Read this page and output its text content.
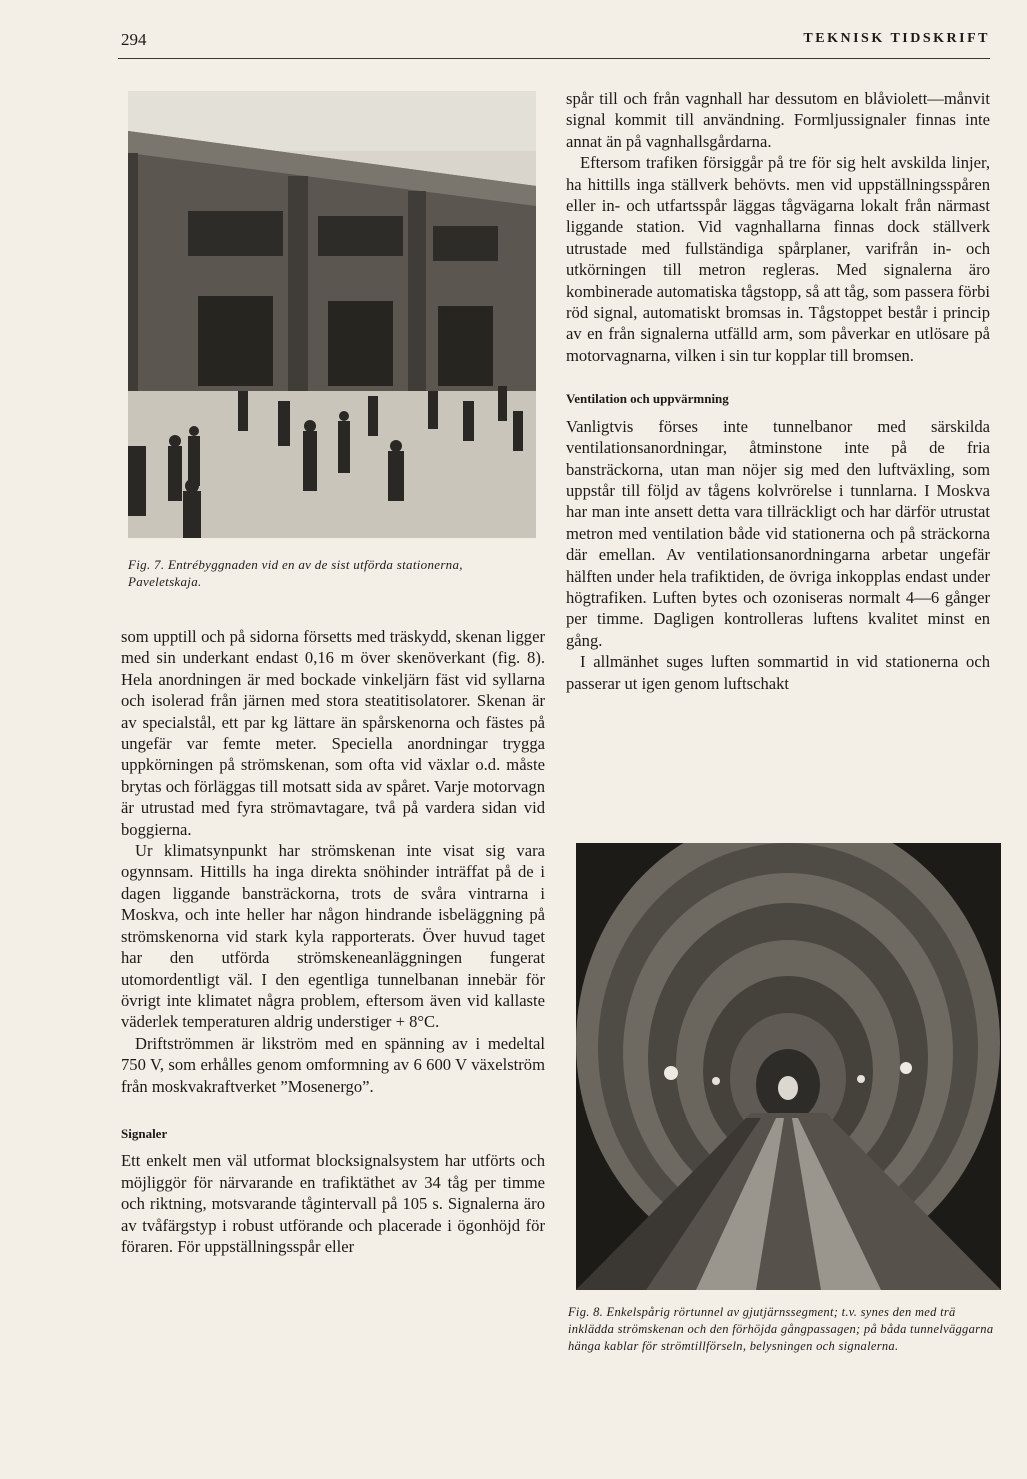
294	TEKNISK TIDSKRIFT
Fig. 7. Entrébyggnaden vid en av de sist utförda stationerna, Paveletskaja.

som upptill och på sidorna försetts med träskydd, skenan ligger med sin underkant endast 0,16 m över skenöverkant (fig. 8). Hela anordningen är med bockade vinkeljärn fäst vid syllarna och isolerad från järnen med stora steatitisolatorer. Skenan är av specialstål, ett par kg lättare än spårskenorna och fästes på ungefär var femte meter. Speciella anordningar trygga uppkörningen på strömskenan, som ofta vid växlar o.d. måste brytas och förläggas till motsatt sida av spåret. Varje motorvagn är utrustad med fyra strömavtagare, två på vardera sidan vid boggierna.

Ur klimatsynpunkt har strömskenan inte visat sig vara ogynnsam. Hittills ha inga direkta snöhinder inträffat på de i dagen liggande bansträckorna, trots de svåra vintrarna i Moskva, och inte heller har någon hindrande isbeläggning på strömskenorna vid stark kyla rapporterats. Över huvud taget har den utförda strömskeneanläggningen fungerat utomordentligt väl. I den egentliga tunnelbanan innebär för övrigt inte klimatet några problem, eftersom även vid kallaste väderlek temperaturen aldrig understiger + 8°C.

Driftströmmen är likström med en spänning av i medeltal 750 V, som erhålles genom omformning av 6 600 V växelström från moskvakraftverket ”Mosenergo”.

Signaler

Ett enkelt men väl utformat blocksignalsystem har utförts och möjliggör för närvarande en trafiktäthet av 34 tåg per timme och riktning, motsvarande tågintervall på 105 s. Signalerna äro av tvåfärgstyp i robust utförande och placerade i ögonhöjd för föraren. För uppställningsspår eller

spår till och från vagnhall har dessutom en blåviolett—månvit signal kommit till användning. Formljussignaler finnas inte annat än på vagnhallsgårdarna.

Eftersom trafiken försiggår på tre för sig helt avskilda linjer, ha hittills inga ställverk behövts. men vid uppställningsspåren eller in- och utfartsspår läggas tågvägarna lokalt från närmast liggande station. Vid vagnhallarna finnas dock ställverk utrustade med fullständiga spårplaner, varifrån in- och utkörningen till metron regleras. Med signalerna äro kombinerade automatiska tågstopp, så att tåg, som passera förbi röd signal, automatiskt bromsas in. Tågstoppet består i princip av en från signalerna utfälld arm, som påverkar en utlösare på motorvagnarna, vilken i sin tur kopplar till bromsen.

Ventilation och uppvärmning

Vanligtvis förses inte tunnelbanor med särskilda ventilationsanordningar, åtminstone inte på de fria bansträckorna, utan man nöjer sig med den luftväxling, som uppstår till följd av tågens kolvrörelse i tunnlarna. I Moskva har man inte ansett detta vara tillräckligt och har därför utrustat metron med ventilation både vid stationerna och på sträckorna där emellan. Av ventilationsanordningarna arbetar ungefär hälften under hela trafiktiden, de övriga inkopplas endast under högtrafiken. Luften bytes och ozoniseras normalt 4—6 gånger per timme. Dagligen kontrolleras luftens kvalitet minst en gång.

I allmänhet suges luften sommartid in vid stationerna och passerar ut igen genom luftschakt

Fig. 8. Enkelspårig rörtunnel av gjutjärnssegment; t.v. synes den med trä inklädda strömskenan och den förhöjda gångpassagen; på båda tunnelväggarna hänga kablar för strömtillförseln, belysningen och signalerna.
